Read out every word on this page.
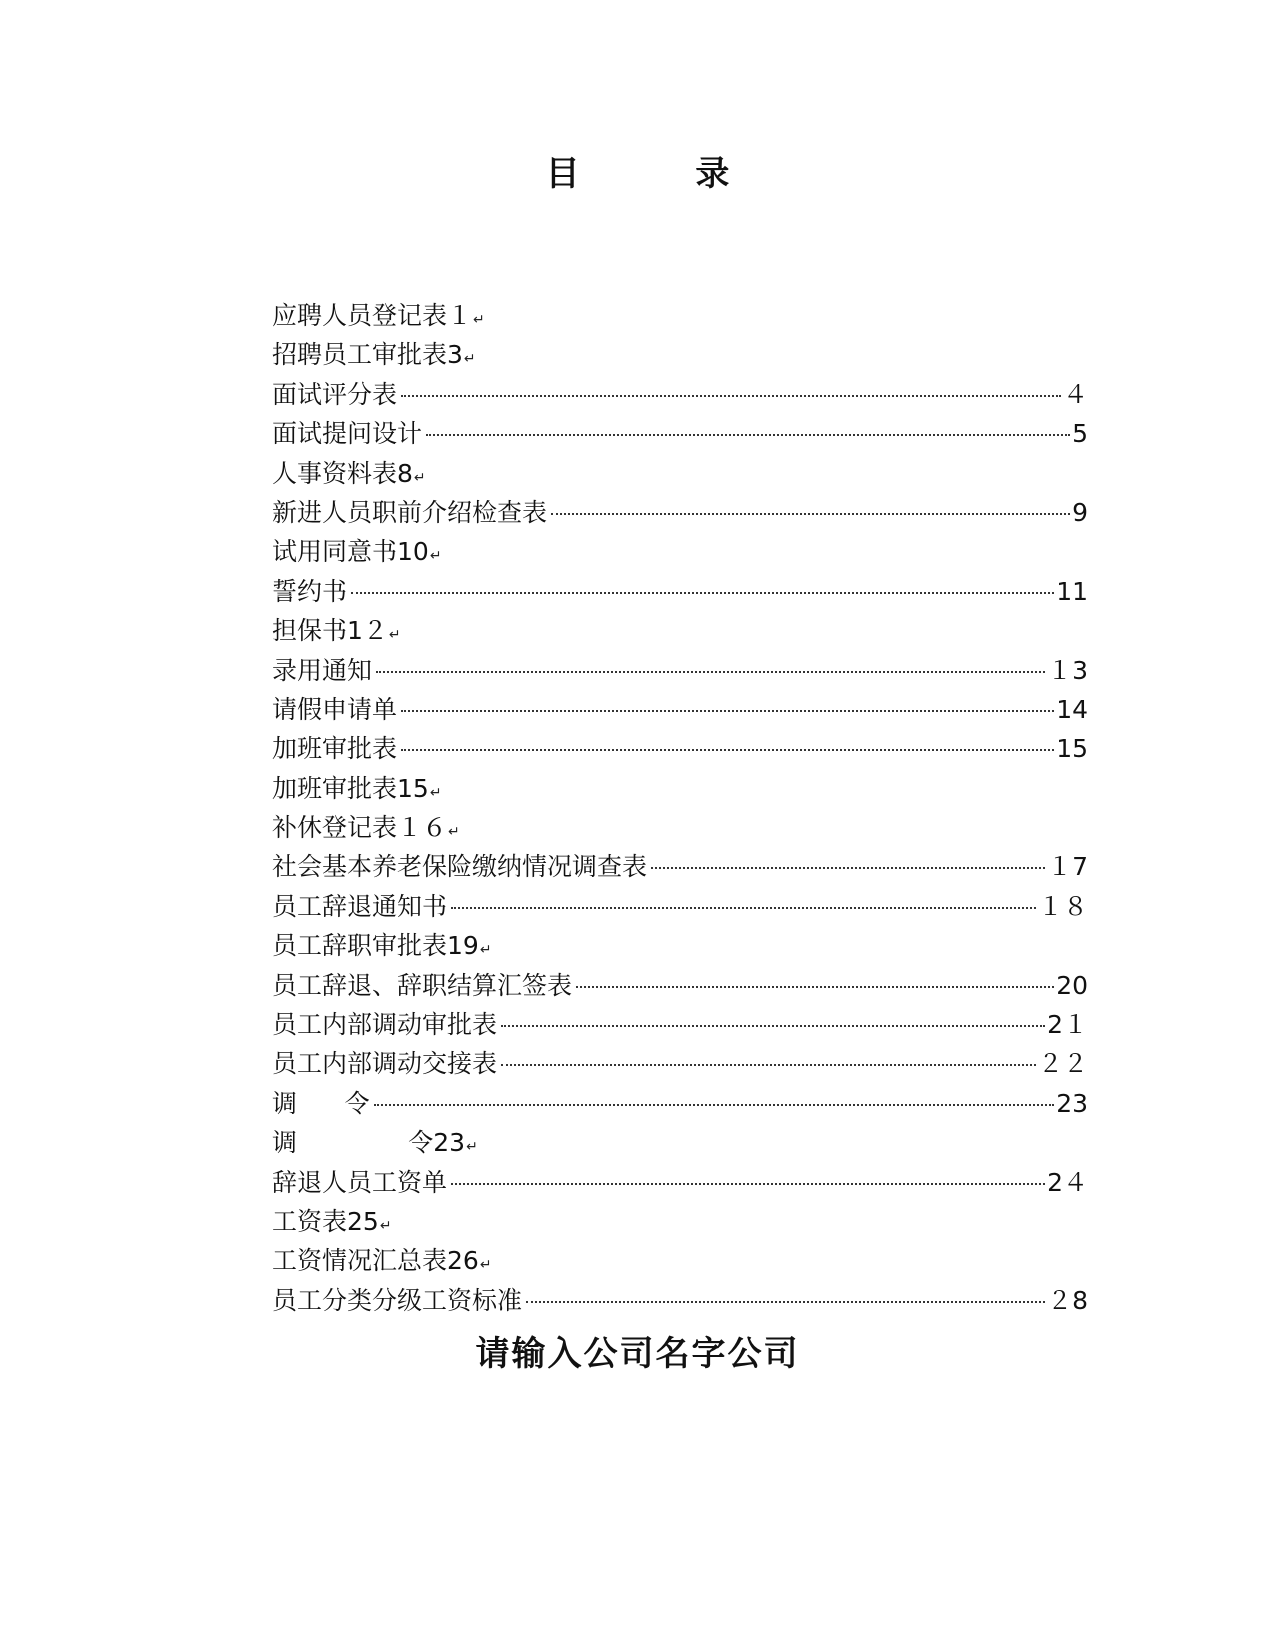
目 录
应聘人员登记表 １ ↵
招聘员工审批表 3 ↵
面试评分表	４
面试提问设计	5
人事资料表 8 ↵
新进人员职前介绍检查表	9
试用同意书 10 ↵
誓约书	11
担保书 1２ ↵
录用通知	１3
请假申请单	14
加班审批表	15
加班审批表 15 ↵
补休登记表 １６ ↵
社会基本养老保险缴纳情况调查表	１7
员工辞退通知书	１８
员工辞职审批表 19 ↵
员工辞退、辞职结算汇签表	20
员工内部调动审批表	2１
员工内部调动交接表	２２
调      令	23
调              令 23 ↵
辞退人员工资单	2４
工资表 25 ↵
工资情况汇总表 26 ↵
员工分类分级工资标准	２8
请输入公司名字公司
